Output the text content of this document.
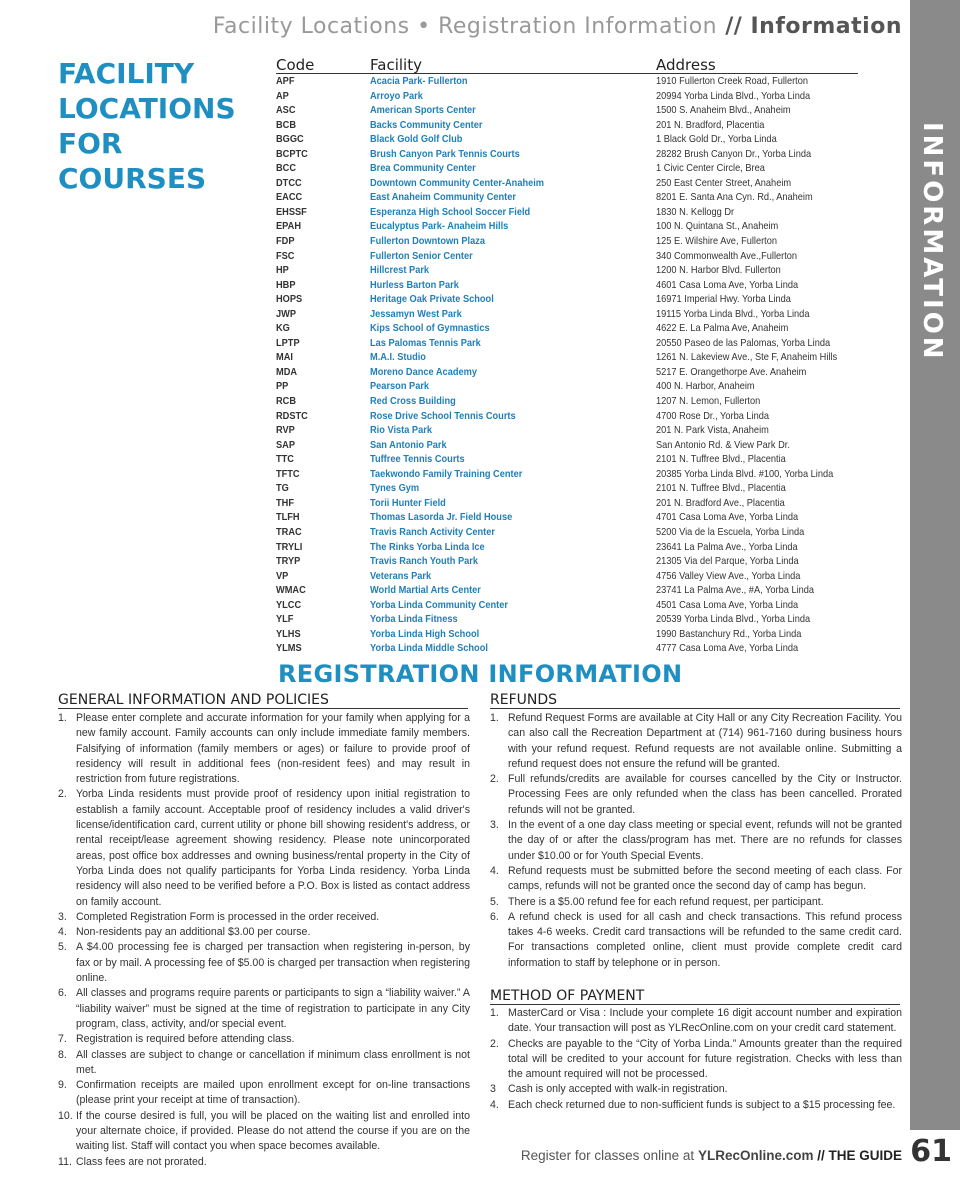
Facility Locations • Registration Information // Information
INFORMATION
FACILITY LOCATIONS FOR COURSES
Code	Facility	Address
APF	Acacia Park- Fullerton	1910 Fullerton Creek Road, Fullerton
AP	Arroyo Park	20994 Yorba Linda Blvd., Yorba Linda
ASC	American Sports Center	1500 S. Anaheim Blvd., Anaheim
BCB	Backs Community Center	201 N. Bradford, Placentia
BGGC	Black Gold Golf Club	1 Black Gold Dr., Yorba Linda
BCPTC	Brush Canyon Park Tennis Courts	28282 Brush Canyon Dr., Yorba Linda
BCC	Brea Community Center	1 Civic Center Circle, Brea
DTCC	Downtown Community Center-Anaheim	250 East Center Street, Anaheim
EACC	East Anaheim Community Center	8201 E. Santa Ana Cyn. Rd., Anaheim
EHSSF	Esperanza High School Soccer Field	1830 N. Kellogg Dr
EPAH	Eucalyptus Park- Anaheim Hills	100 N. Quintana St., Anaheim
FDP	Fullerton Downtown Plaza	125 E. Wilshire Ave, Fullerton
FSC	Fullerton Senior Center	340 Commonwealth Ave.,Fullerton
HP	Hillcrest Park	1200 N. Harbor Blvd. Fullerton
HBP	Hurless Barton Park	4601 Casa Loma Ave, Yorba Linda
HOPS	Heritage Oak Private School	16971 Imperial Hwy. Yorba Linda
JWP	Jessamyn West Park	19115 Yorba Linda Blvd., Yorba Linda
KG	Kips School of Gymnastics	4622 E. La Palma Ave, Anaheim
LPTP	Las Palomas Tennis Park	20550 Paseo de las Palomas, Yorba Linda
MAI	M.A.I. Studio	1261 N. Lakeview Ave., Ste F, Anaheim Hills
MDA	Moreno Dance Academy	5217 E. Orangethorpe Ave. Anaheim
PP	Pearson Park	400 N. Harbor, Anaheim
RCB	Red Cross Building	1207 N. Lemon, Fullerton
RDSTC	Rose Drive School Tennis Courts	4700 Rose Dr., Yorba Linda
RVP	Rio Vista Park	201 N. Park Vista, Anaheim
SAP	San Antonio Park	San Antonio Rd. & View Park Dr.
TTC	Tuffree Tennis Courts	2101 N. Tuffree Blvd., Placentia
TFTC	Taekwondo Family Training Center	20385 Yorba Linda Blvd. #100, Yorba Linda
TG	Tynes Gym	2101 N. Tuffree Blvd., Placentia
THF	Torii Hunter Field	201 N. Bradford Ave., Placentia
TLFH	Thomas Lasorda Jr. Field House	4701 Casa Loma Ave, Yorba Linda
TRAC	Travis Ranch Activity Center	5200 Via de la Escuela, Yorba Linda
TRYLI	The Rinks Yorba Linda Ice	23641 La Palma Ave., Yorba Linda
TRYP	Travis Ranch Youth Park	21305 Via del Parque, Yorba Linda
VP	Veterans Park	4756 Valley View Ave., Yorba Linda
WMAC	World Martial Arts Center	23741 La Palma Ave., #A, Yorba Linda
YLCC	Yorba Linda Community Center	4501 Casa Loma Ave, Yorba Linda
YLF	Yorba Linda Fitness	20539 Yorba Linda Blvd., Yorba Linda
YLHS	Yorba Linda High School	1990 Bastanchury Rd., Yorba Linda
YLMS	Yorba Linda Middle School	4777 Casa Loma Ave, Yorba Linda
REGISTRATION INFORMATION
GENERAL INFORMATION AND POLICIES
1. Please enter complete and accurate information for your family when applying for a new family account. Family accounts can only include immediate family members. Falsifying of information (family members or ages) or failure to provide proof of residency will result in additional fees (non-resident fees) and may result in restriction from future registrations.
2. Yorba Linda residents must provide proof of residency upon initial registration to establish a family account. Acceptable proof of residency includes a valid driver's license/identification card, current utility or phone bill showing resident's address, or rental receipt/lease agreement showing residency. Please note unincorporated areas, post office box addresses and owning business/rental property in the City of Yorba Linda does not qualify participants for Yorba Linda residency. Yorba Linda residency will also need to be verified before a P.O. Box is listed as contact address on family account.
3. Completed Registration Form is processed in the order received.
4. Non-residents pay an additional $3.00 per course.
5. A $4.00 processing fee is charged per transaction when registering in-person, by fax or by mail. A processing fee of $5.00 is charged per transaction when registering online.
6. All classes and programs require parents or participants to sign a “liability waiver.” A “liability waiver” must be signed at the time of registration to participate in any City program, class, activity, and/or special event.
7. Registration is required before attending class.
8. All classes are subject to change or cancellation if minimum class enrollment is not met.
9. Confirmation receipts are mailed upon enrollment except for on-line transactions (please print your receipt at time of transaction).
10. If the course desired is full, you will be placed on the waiting list and enrolled into your alternate choice, if provided. Please do not attend the course if you are on the waiting list. Staff will contact you when space becomes available.
11. Class fees are not prorated.
REFUNDS
1. Refund Request Forms are available at City Hall or any City Recreation Facility. You can also call the Recreation Department at (714) 961-7160 during business hours with your refund request. Refund requests are not available online. Submitting a refund request does not ensure the refund will be granted.
2. Full refunds/credits are available for courses cancelled by the City or Instructor. Processing Fees are only refunded when the class has been cancelled. Prorated refunds will not be granted.
3. In the event of a one day class meeting or special event, refunds will not be granted the day of or after the class/program has met. There are no refunds for classes under $10.00 or for Youth Special Events.
4. Refund requests must be submitted before the second meeting of each class. For camps, refunds will not be granted once the second day of camp has begun.
5. There is a $5.00 refund fee for each refund request, per participant.
6. A refund check is used for all cash and check transactions. This refund process takes 4-6 weeks. Credit card transactions will be refunded to the same credit card. For transactions completed online, client must provide complete credit card information to staff by telephone or in person.
METHOD OF PAYMENT
1. MasterCard or Visa : Include your complete 16 digit account number and expiration date. Your transaction will post as YLRecOnline.com on your credit card statement.
2. Checks are payable to the “City of Yorba Linda.” Amounts greater than the required total will be credited to your account for future registration. Checks with less than the amount required will not be processed.
3 Cash is only accepted with walk-in registration.
4. Each check returned due to non-sufficient funds is subject to a $15 processing fee.
Register for classes online at YLRecOnline.com // THE GUIDE 61
